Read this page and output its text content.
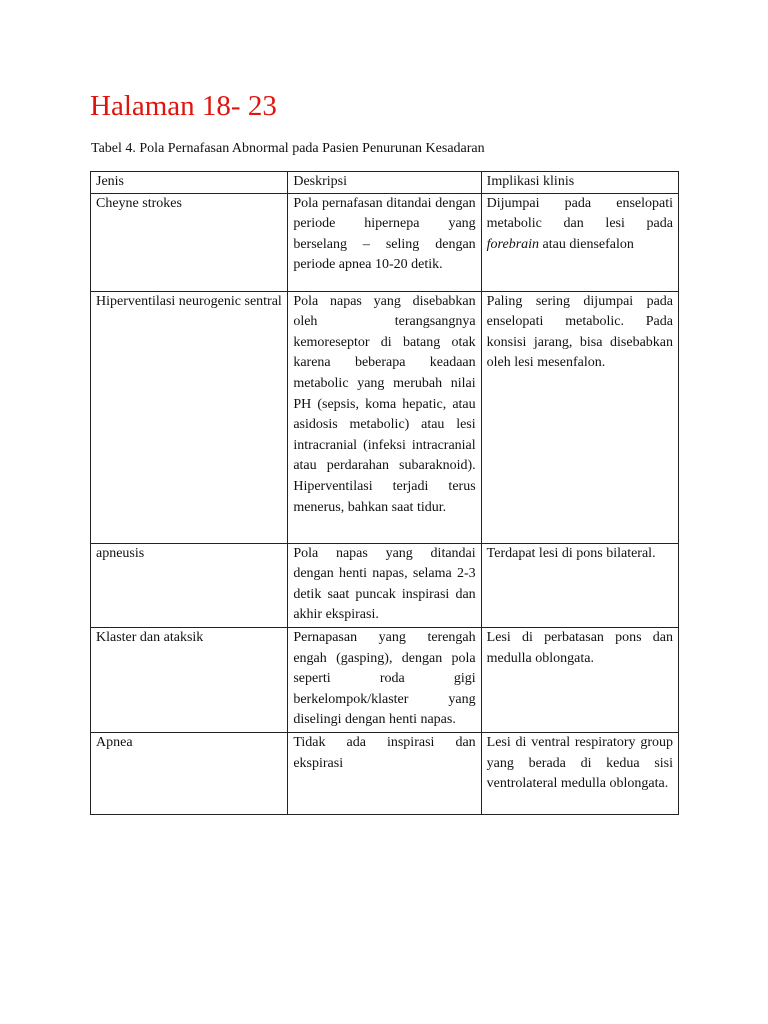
Halaman 18- 23

Tabel 4. Pola Pernafasan Abnormal pada Pasien Penurunan Kesadaran

Jenis	Deskripsi	Implikasi klinis
Cheyne strokes	Pola pernafasan ditandai dengan periode hipernepa yang berselang – seling dengan periode apnea 10-20 detik.	Dijumpai pada enselopati metabolic dan lesi pada forebrain atau diensefalon
Hiperventilasi neurogenic sentral	Pola napas yang disebabkan oleh terangsangnya kemoreseptor di batang otak karena beberapa keadaan metabolic yang merubah nilai PH (sepsis, koma hepatic, atau asidosis metabolic) atau lesi intracranial (infeksi intracranial atau perdarahan subaraknoid). Hiperventilasi terjadi terus menerus, bahkan saat tidur.	Paling sering dijumpai pada enselopati metabolic. Pada konsisi jarang, bisa disebabkan oleh lesi mesenfalon.
apneusis	Pola napas yang ditandai dengan henti napas, selama 2-3 detik saat puncak inspirasi dan akhir ekspirasi.	Terdapat lesi di pons bilateral.
Klaster dan ataksik	Pernapasan yang terengah engah (gasping), dengan pola seperti roda gigi berkelompok/klaster yang diselingi dengan henti napas.	Lesi di perbatasan pons dan medulla oblongata.
Apnea	Tidak ada inspirasi dan ekspirasi	Lesi di ventral respiratory group yang berada di kedua sisi ventrolateral medulla oblongata.
